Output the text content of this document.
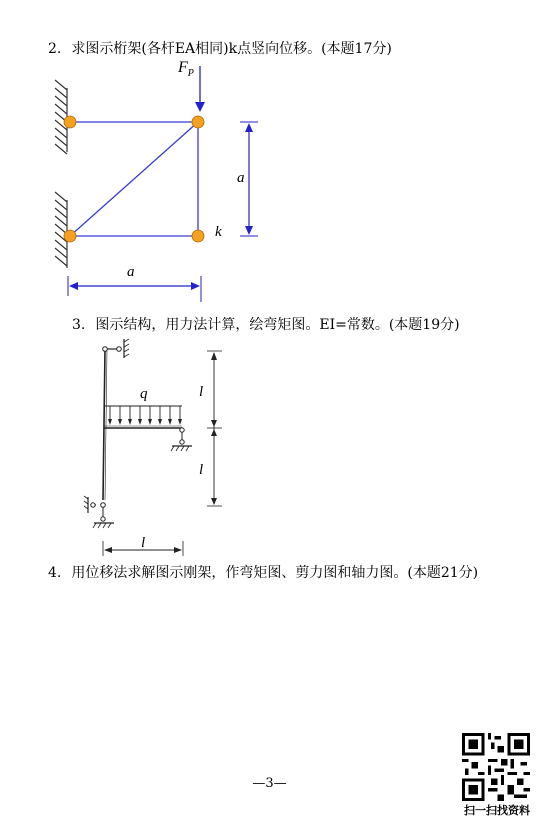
2. 求图示桁架(各杆EA相同)k点竖向位移。(本题17分)
3. 图示结构，用力法计算，绘弯矩图。EI=常数。(本题19分)
4. 用位移法求解图示刚架，作弯矩图、剪力图和轴力图。(本题21分)
$F_P$
a
k
a
q	l
l
l
—3—
扫一扫找资料
